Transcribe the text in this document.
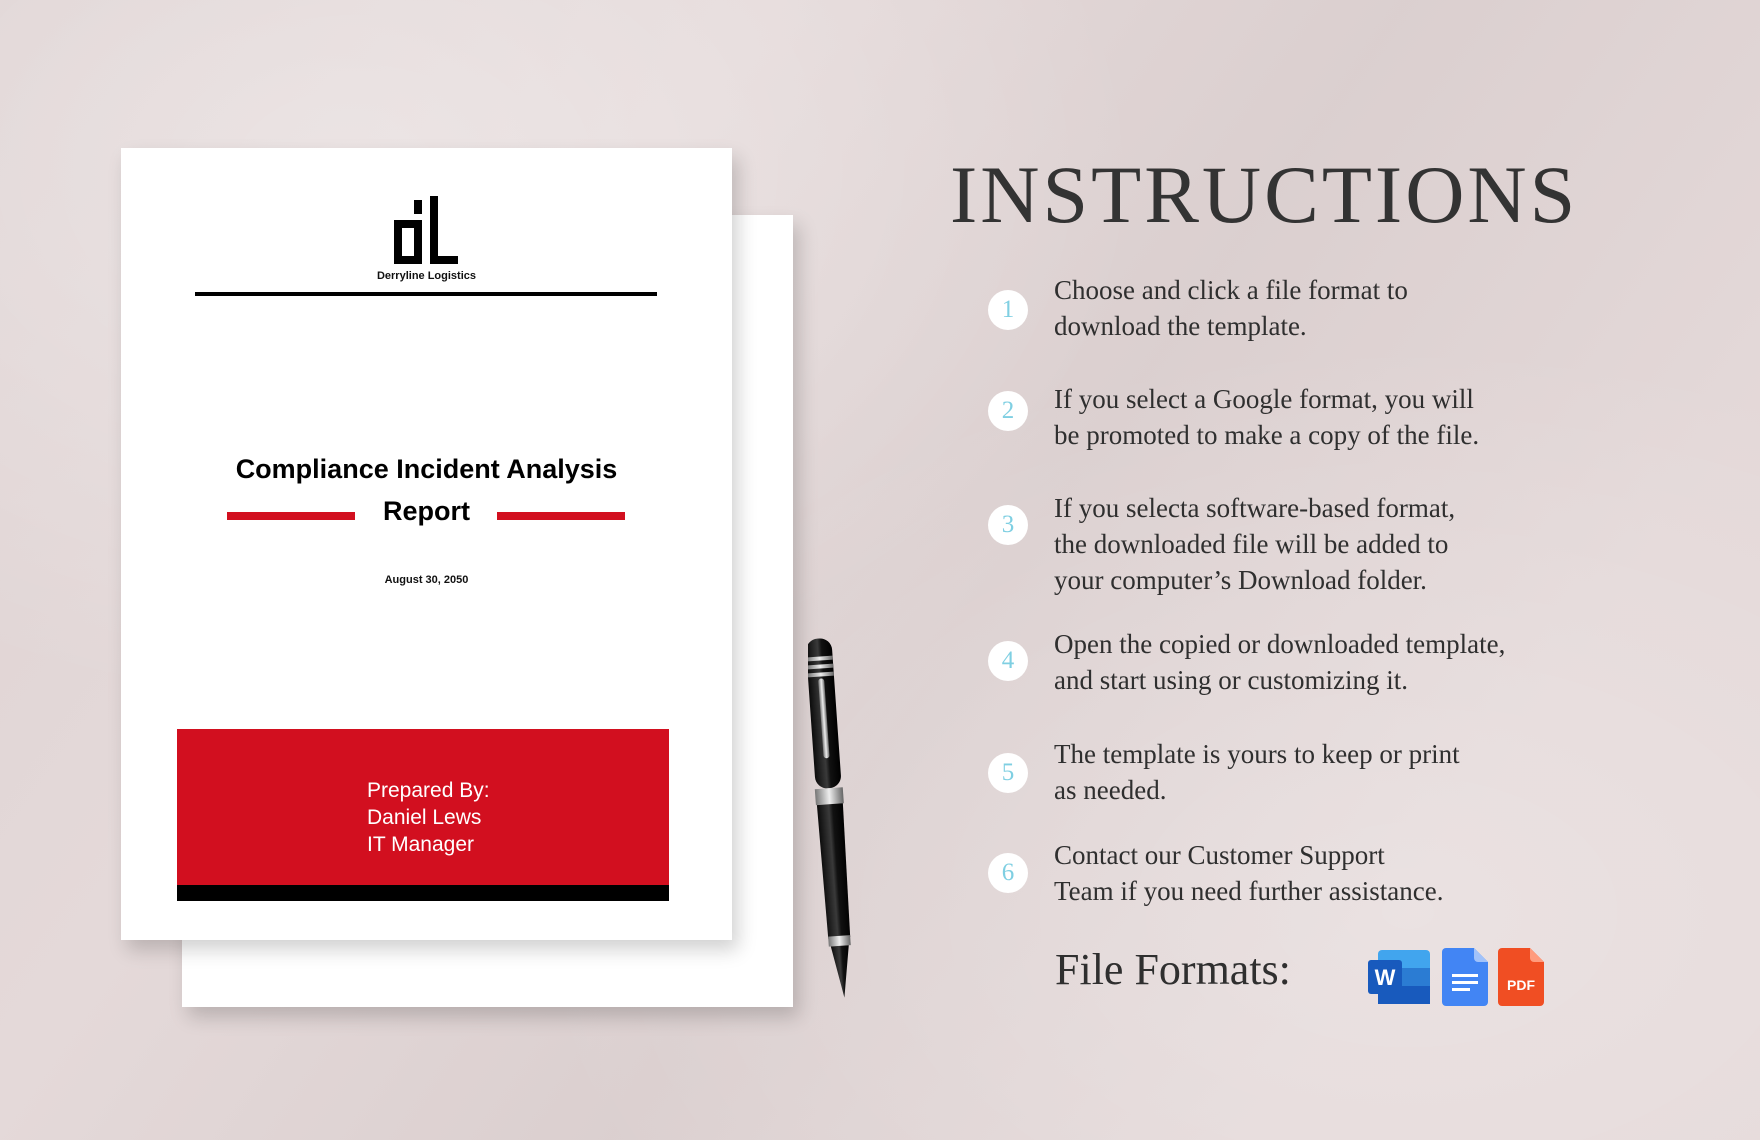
Derryline Logistics
Compliance Incident Analysis
Report
August 30, 2050
Prepared By:
Daniel Lews
IT Manager
INSTRUCTIONS
1
Choose and click a file format to
download the template.
2	If you select a Google format, you will
be promoted to make a copy of the file.
3
If you selecta software-based format,
the downloaded file will be added to
your computer’s Download folder.
4
Open the copied or downloaded template,
and start using or customizing it.
5
The template is yours to keep or print
as needed.
6
Contact our Customer Support
Team if you need further assistance.
File Formats:	W	PDF
